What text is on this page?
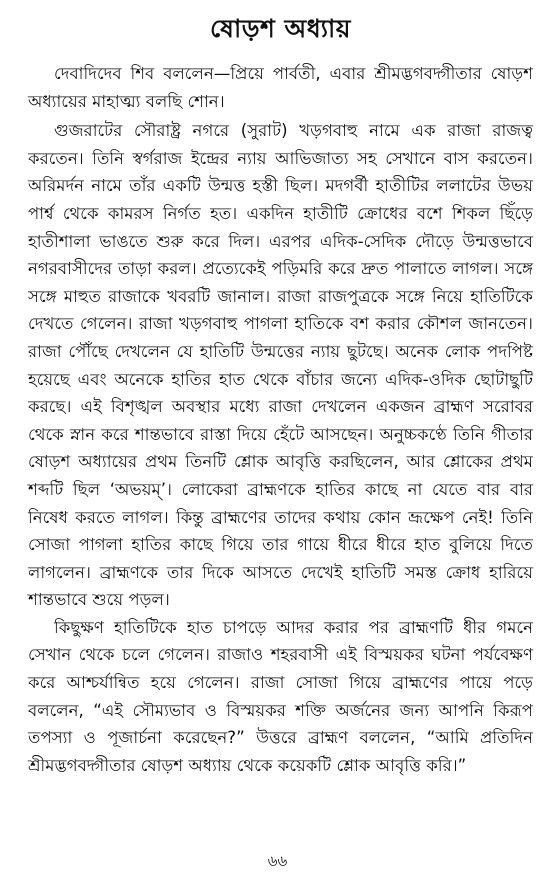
ষোড়শ অধ্যায়

দেবাদিদেব শিব বললেন—প্রিয়ে পার্বতী, এবার শ্রীমদ্ভগবদ্গীতার ষোড়শ অধ্যায়ের মাহাত্ম্য বলছি শোন।

গুজরাটের সৌরাষ্ট্র নগরে (সুরাট) খড়গবাহু নামে এক রাজা রাজত্ব করতেন। তিনি স্বর্গরাজ ইন্দ্রের ন্যায় আভিজাত্য সহ সেখানে বাস করতেন। অরিমর্দন নামে তাঁর একটি উন্মত্ত হস্তী ছিল। মদগর্বী হাতীটির ললাটের উভয় পার্শ্ব থেকে কামরস নির্গত হত। একদিন হাতীটি ক্রোধের বশে শিকল ছিঁড়ে হাতীশালা ভাঙতে শুরু করে দিল। এরপর এদিক-সেদিক দৌড়ে উন্মত্তভাবে নগরবাসীদের তাড়া করল। প্রত্যেকেই পড়িমরি করে দ্রুত পালাতে লাগল। সঙ্গে সঙ্গে মাহুত রাজাকে খবরটি জানাল। রাজা রাজপুত্রকে সঙ্গে নিয়ে হাতিটিকে দেখতে গেলেন। রাজা খড়গবাহু পাগলা হাতিকে বশ করার কৌশল জানতেন। রাজা পৌঁছে দেখলেন যে হাতিটি উন্মত্তের ন্যায় ছুটছে। অনেক লোক পদপিষ্ট হয়েছে এবং অনেকে হাতির হাত থেকে বাঁচার জন্যে এদিক-ওদিক ছোটাছুটি করছে। এই বিশৃঙ্খল অবস্থার মধ্যে রাজা দেখলেন একজন ব্রাহ্মণ সরোবর থেকে স্নান করে শান্তভাবে রাস্তা দিয়ে হেঁটে আসছেন। অনুচ্চকণ্ঠে তিনি গীতার ষোড়শ অধ্যায়ের প্রথম তিনটি শ্লোক আবৃত্তি করছিলেন, আর শ্লোকের প্রথম শব্দটি ছিল ‘অভয়ম্’। লোকেরা ব্রাহ্মণকে হাতির কাছে না যেতে বার বার নিষেধ করতে লাগল। কিন্তু ব্রাহ্মণের তাদের কথায় কোন ভ্রূক্ষেপ নেই! তিনি সোজা পাগলা হাতির কাছে গিয়ে তার গায়ে ধীরে ধীরে হাত বুলিয়ে দিতে লাগলেন। ব্রাহ্মণকে তার দিকে আসতে দেখেই হাতিটি সমস্ত ক্রোধ হারিয়ে শান্তভাবে শুয়ে পড়ল।

কিছুক্ষণ হাতিটিকে হাত চাপড়ে আদর করার পর ব্রাহ্মণটি ধীর গমনে সেখান থেকে চলে গেলেন। রাজাও শহরবাসী এই বিস্ময়কর ঘটনা পর্যবেক্ষণ করে আশ্চর্যান্বিত হয়ে গেলেন। রাজা সোজা গিয়ে ব্রাহ্মণের পায়ে পড়ে বললেন, “এই সৌম্যভাব ও বিস্ময়কর শক্তি অর্জনের জন্য আপনি কিরূপ তপস্যা ও পূজার্চনা করেছেন?” উত্তরে ব্রাহ্মণ বললেন, “আমি প্রতিদিন শ্রীমদ্ভগবদ্গীতার ষোড়শ অধ্যায় থেকে কয়েকটি শ্লোক আবৃত্তি করি।”

৬৬
